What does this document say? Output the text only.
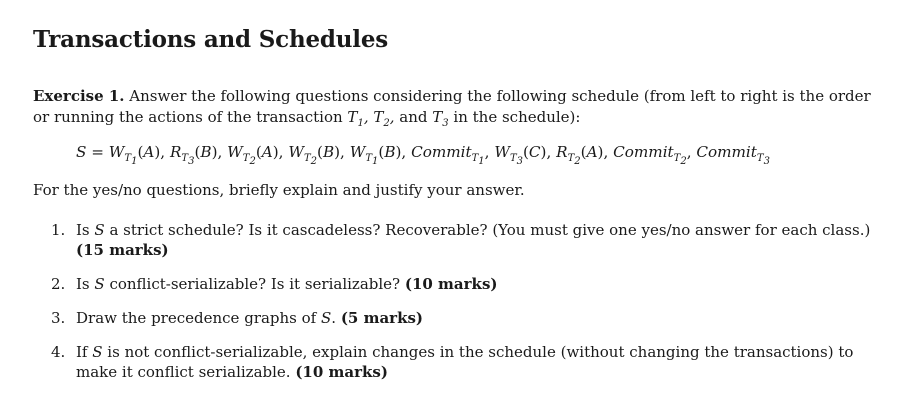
Transactions and Schedules
Exercise 1. Answer the following questions considering the following schedule (from left to right is the order or running the actions of the transaction $T_1$, $T_2$, and $T_3$ in the schedule):
$S = W_{T_1}(A)$, $R_{T_3}(B)$, $W_{T_2}(A)$, $W_{T_2}(B)$, $W_{T_1}(B)$, Commit$_{T_1}$, $W_{T_3}(C)$, $R_{T_2}(A)$, Commit$_{T_2}$, Commit$_{T_3}$
For the yes/no questions, briefly explain and justify your answer.
1. Is S a strict schedule? Is it cascadeless? Recoverable? (You must give one yes/no answer for each class.) (15 marks)
2. Is S conflict-serializable? Is it serializable? (10 marks)
3. Draw the precedence graphs of S. (5 marks)
4. If S is not conflict-serializable, explain changes in the schedule (without changing the transactions) to make it conflict serializable. (10 marks)
